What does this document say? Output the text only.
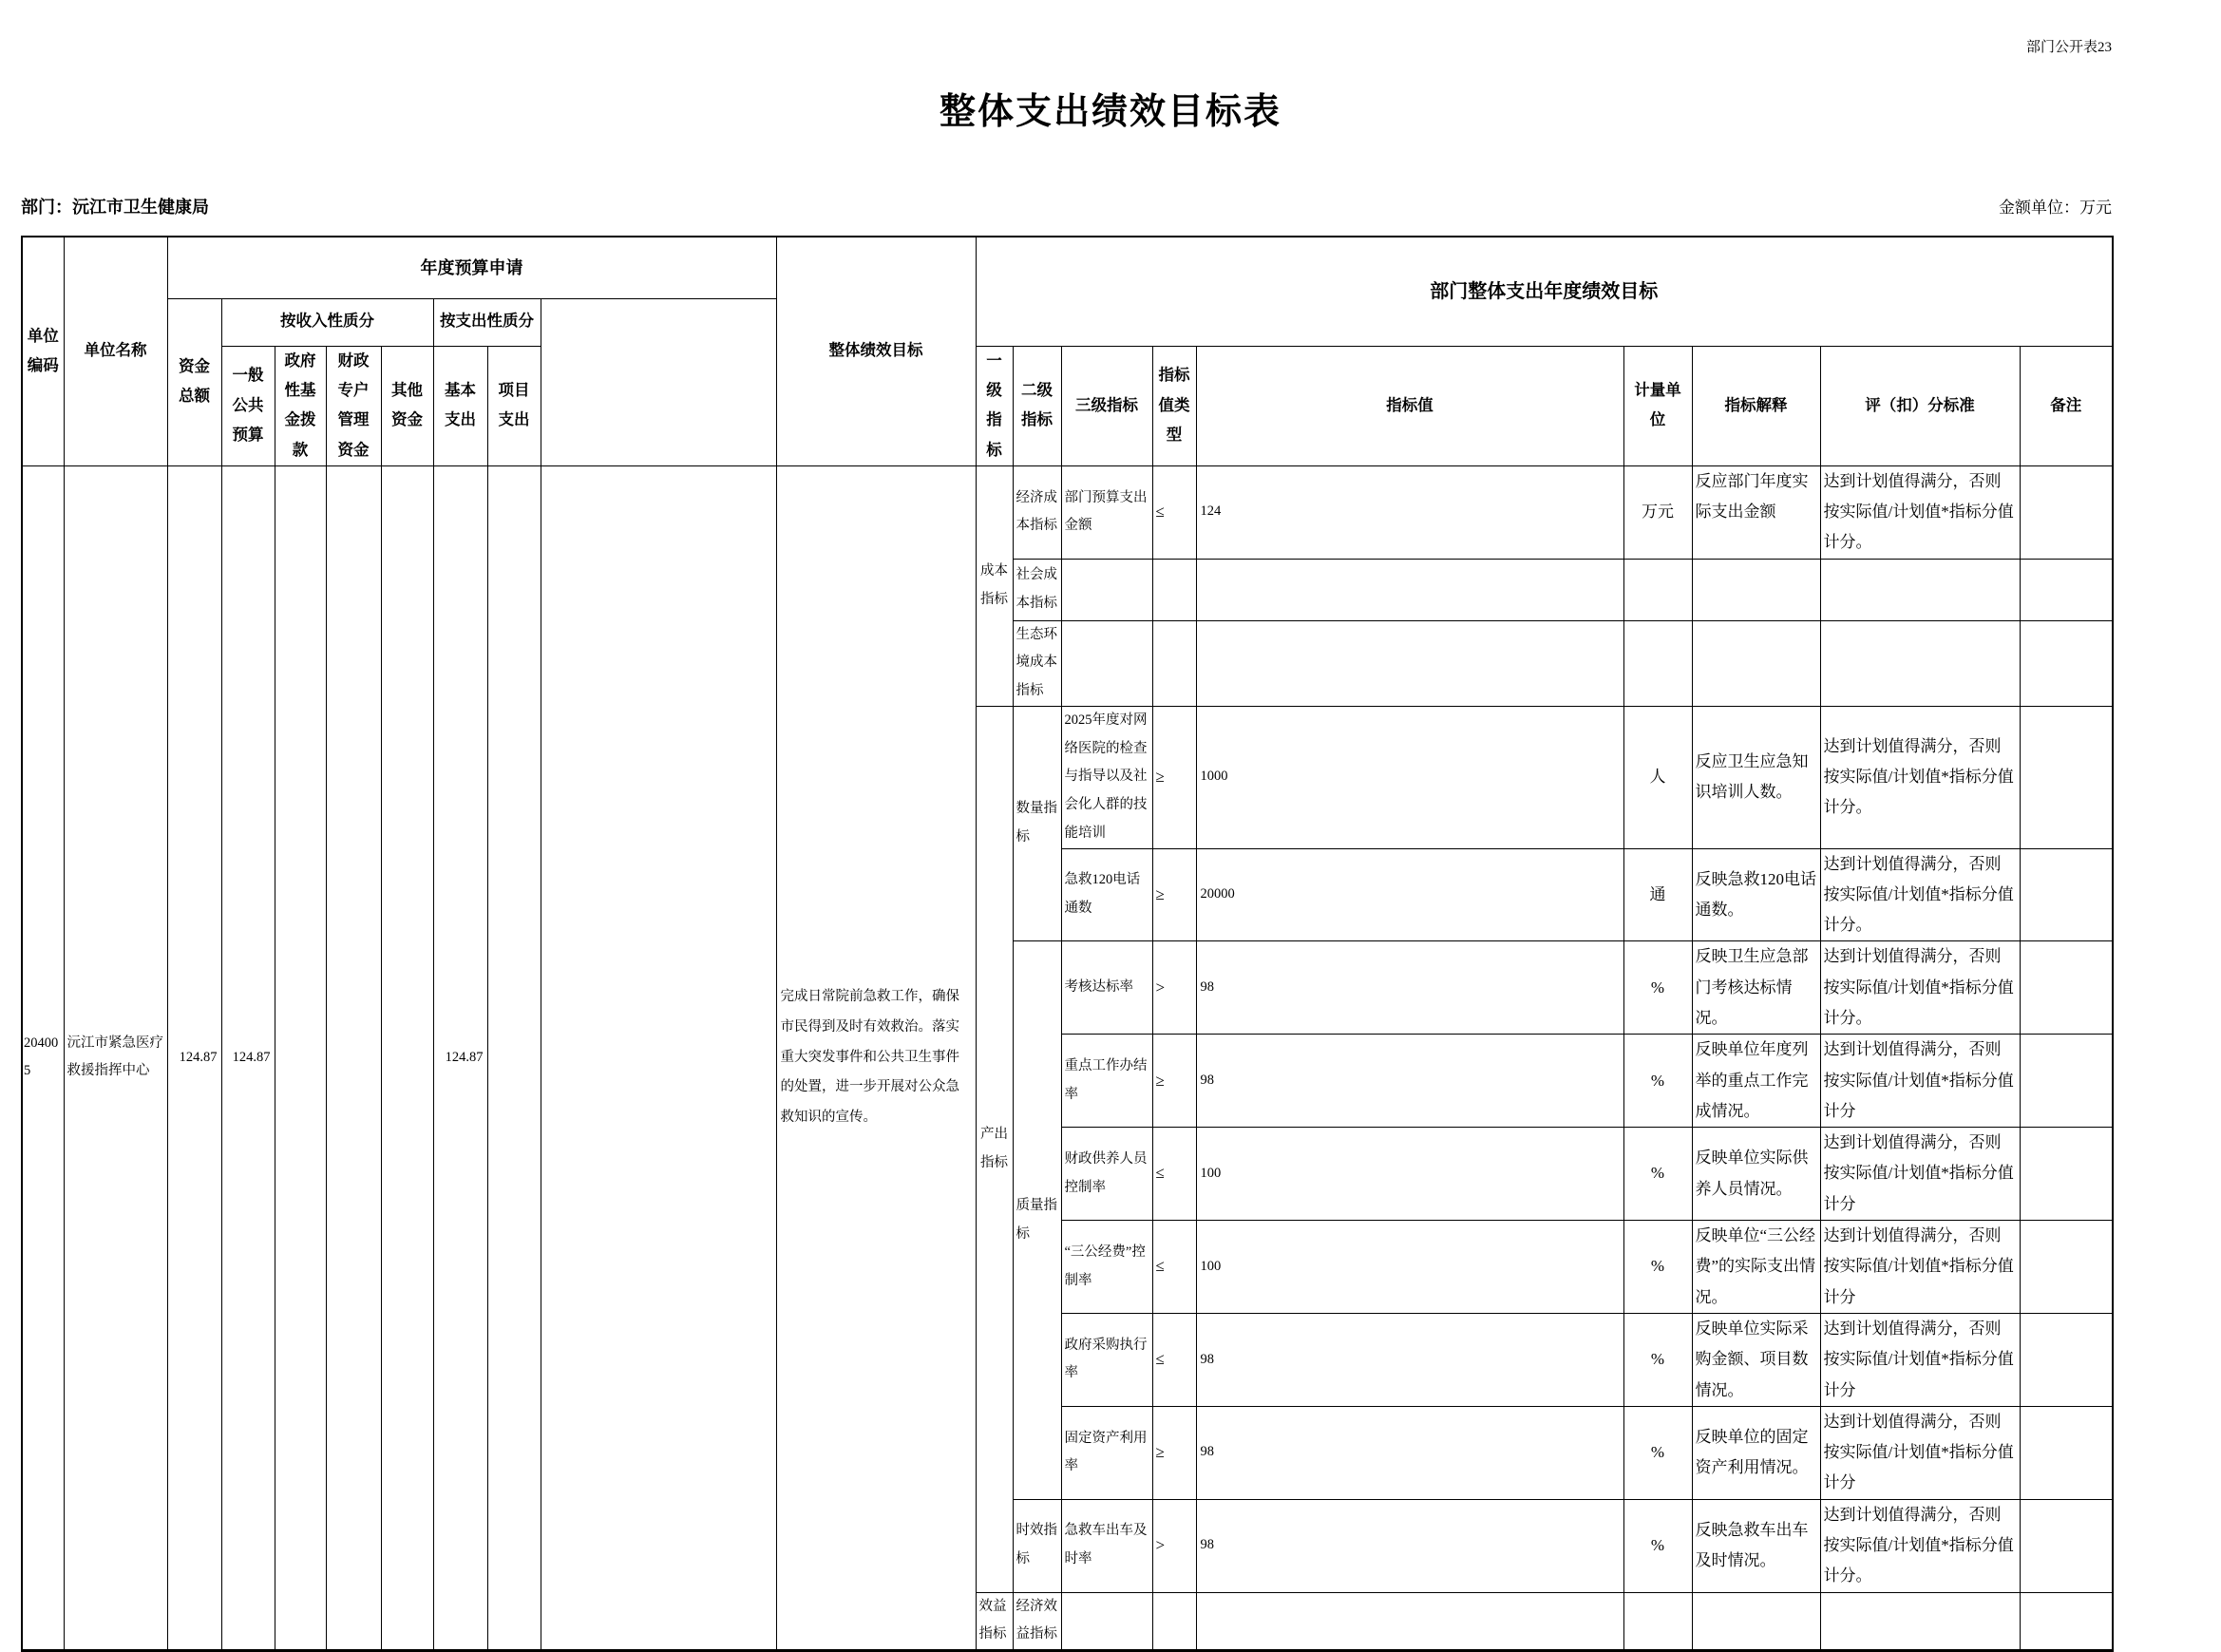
部门公开表23
整体支出绩效目标表
部门：沅江市卫生健康局	金额单位：万元
单位编码	单位名称	年度预算申请								整体绩效目标	部门整体支出年度绩效目标								
		资金总额	按收入性质分				按支出性质分												
			一般公共预算	政府性基金拨款	财政专户管理资金	其他资金	基本支出	项目支出			一级指标	二级指标	三级指标	指标值类型	指标值	计量单位	指标解释	评（扣）分标准	备注
204005	沅江市紧急医疗救援指挥中心	124.87	124.87				124.87			完成日常院前急救工作，确保市民得到及时有效救治。落实重大突发事件和公共卫生事件的处置，进一步开展对公众急救知识的宣传。	成本指标	经济成本指标	部门预算支出金额	≤	124	万元	反应部门年度实际支出金额	达到计划值得满分，否则按实际值/计划值*指标分值计分。	
												社会成本指标							
												生态环境成本指标							
											产出指标	数量指标	2025年度对网络医院的检查与指导以及社会化人群的技能培训	≥	1000	人	反应卫生应急知识培训人数。	达到计划值得满分，否则按实际值/计划值*指标分值计分。	
													急救120电话通数	≥	20000	通	反映急救120电话通数。	达到计划值得满分，否则按实际值/计划值*指标分值计分。	
												质量指标	考核达标率	>	98	%	反映卫生应急部门考核达标情况。	达到计划值得满分，否则按实际值/计划值*指标分值计分。	
													重点工作办结率	≥	98	%	反映单位年度列举的重点工作完成情况。	达到计划值得满分，否则按实际值/计划值*指标分值计分	
													财政供养人员控制率	≤	100	%	反映单位实际供养人员情况。	达到计划值得满分，否则按实际值/计划值*指标分值计分	
													“三公经费”控制率	≤	100	%	反映单位“三公经费”的实际支出情况。	达到计划值得满分，否则按实际值/计划值*指标分值计分	
													政府采购执行率	≤	98	%	反映单位实际采购金额、项目数情况。	达到计划值得满分，否则按实际值/计划值*指标分值计分	
													固定资产利用率	≥	98	%	反映单位的固定资产利用情况。	达到计划值得满分，否则按实际值/计划值*指标分值计分	
												时效指标	急救车出车及时率	>	98	%	反映急救车出车及时情况。	达到计划值得满分，否则按实际值/计划值*指标分值计分。	
											效益指标	经济效益指标							
